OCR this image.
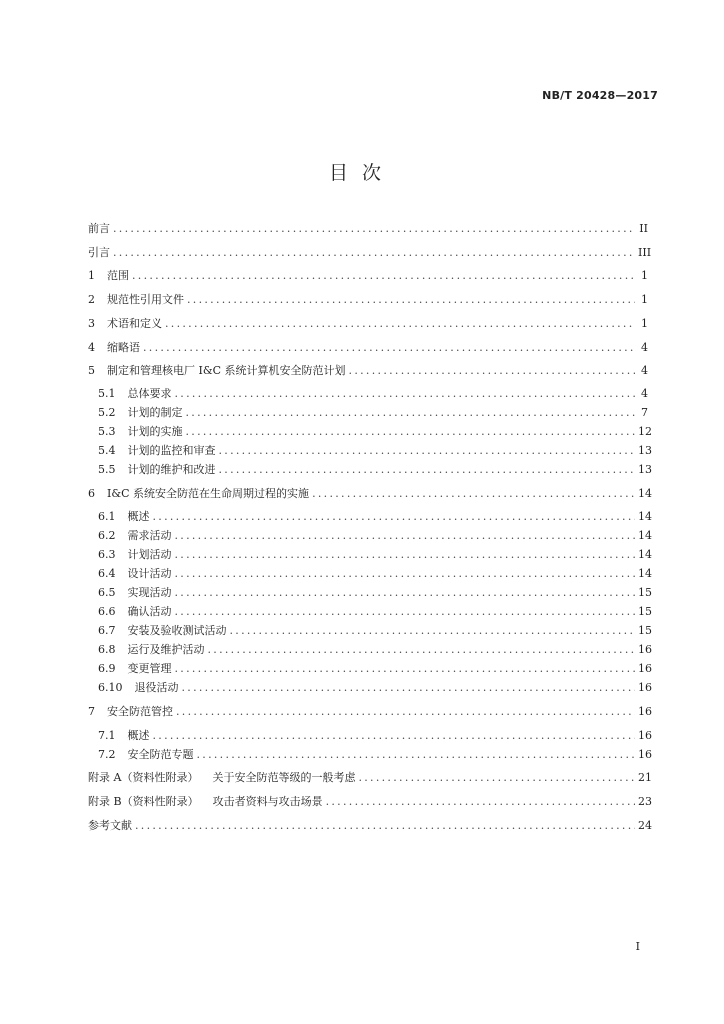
NB/T 20428—2017
目次
前言 .....	II
引言 .....	III
1	范围 .....	1
2	规范性引用文件 .....	1
3	术语和定义 .....	1
4	缩略语 .....	4
5	制定和管理核电厂 I&C 系统计算机安全防范计划 .....	4
5.1	总体要求 .....	4
5.2	计划的制定 .....	7
5.3	计划的实施 .....	12
5.4	计划的监控和审查 .....	13
5.5	计划的维护和改进 .....	13
6	I&C 系统安全防范在生命周期过程的实施 .....	14
6.1	概述 .....	14
6.2	需求活动 .....	14
6.3	计划活动 .....	14
6.4	设计活动 .....	14
6.5	实现活动 .....	15
6.6	确认活动 .....	15
6.7	安装及验收测试活动 .....	15
6.8	运行及维护活动 .....	16
6.9	变更管理 .....	16
6.10	退役活动 .....	16
7	安全防范管控 .....	16
7.1	概述 .....	16
7.2	安全防范专题 .....	16
附录 A（资料性附录）	关于安全防范等级的一般考虑 .....	21
附录 B（资料性附录）	攻击者资料与攻击场景 .....	23
参考文献 .....	24
I
